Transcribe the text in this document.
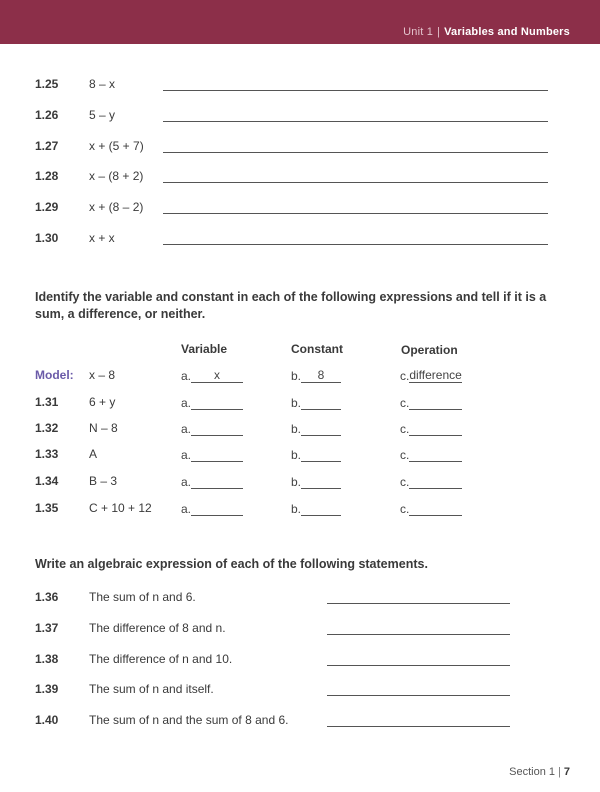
Unit 1 | Variables and Numbers
1.25	8 – x
1.26	5 – y
1.27	x + (5 + 7)
1.28	x – (8 + 2)
1.29	x + (8 – 2)
1.30	x + x
Identify the variable and constant in each of the following expressions and tell if it is a sum, a difference, or neither.
Variable	Constant	Operation
Model: x – 8	a. x	b. 8	c.difference
1.31	6 + y	a.	b.	c.
1.32	N – 8	a.	b.	c.
1.33	A	a.	b.	c.
1.34	B – 3	a.	b.	c.
1.35	C + 10 + 12 a.	b.	c.
Write an algebraic expression of each of the following statements.
1.36	The sum of n and 6.
1.37	The difference of 8 and n.
1.38	The difference of n and 10.
1.39	The sum of n and itself.
1.40	The sum of n and the sum of 8 and 6.
Section 1 | 7
